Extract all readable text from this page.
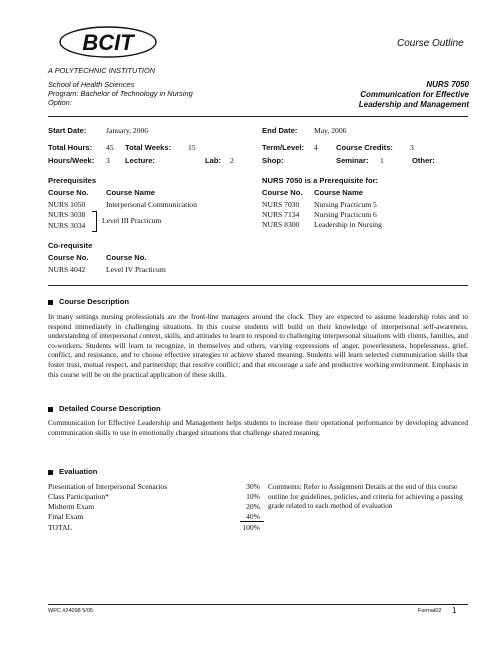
BCIT
A POLYTECHNIC INSTITUTION
Course Outline
School of Health Sciences
Program: Bachelor of Technology in Nursing
Option:
NURS 7050
Communication for Effective
Leadership and Management
Start Date:	January, 2006	End Date: May, 2006
Total Hours: 45 Total Weeks: 15	Term/Level: 4 Course Credits: 3
Hours/Week: 3 Lecture:	Lab: 2	Shop:	Seminar: 1	Other:
Prerequisites
Course No. Course Name
NURS 1050	Interpersonal Communication
NURS 3038
NURS 3034
Level III Practicum
NURS 7050 is a Prerequisite for:
Course No. Course Name
NURS 7030 Nursing Practicum 5
NURS 7134 Nursing Practicum 6
NURS 8300 Leadership in Nursing
Co-requisite
Course No. Course No.
NURS 4042	Level IV Practicum
Course Description
In many settings nursing professionals are the front-line managers around the clock. They are expected to assume leadership roles and to respond immediately in challenging situations. In this course students will build on their knowledge of interpersonal self-awareness, understanding of interpersonal context, skills, and attitudes to learn to respond to challenging interpersonal situations with clients, families, and co-workers. Students will learn to recognize, in themselves and others, varying expressions of anger, powerlessness, hopelessness, grief, conflict, and resistance, and to choose effective strategies to achieve shared meaning. Students will learn selected communication skills that foster trust, mutual respect, and partnership; that resolve conflict; and that encourage a safe and productive working environment. Emphasis in this course will be on the practical application of these skills.
Detailed Course Description
Communication for Effective Leadership and Management helps students to increase their operational performance by developing advanced communication skills to use in emotionally charged situations that challenge shared meaning.
Evaluation
Presentation of Interpersonal Scenarios	30%
Class Participation*	10%
Midterm Exam	20%
Final Exam	40%
TOTAL	100%
Comments: Refer to Assignment Details at the end of this course outline for guidelines, policies, and criteria for achieving a passing grade related to each method of evaluation
WPC #24098 5/05	Format02 1
